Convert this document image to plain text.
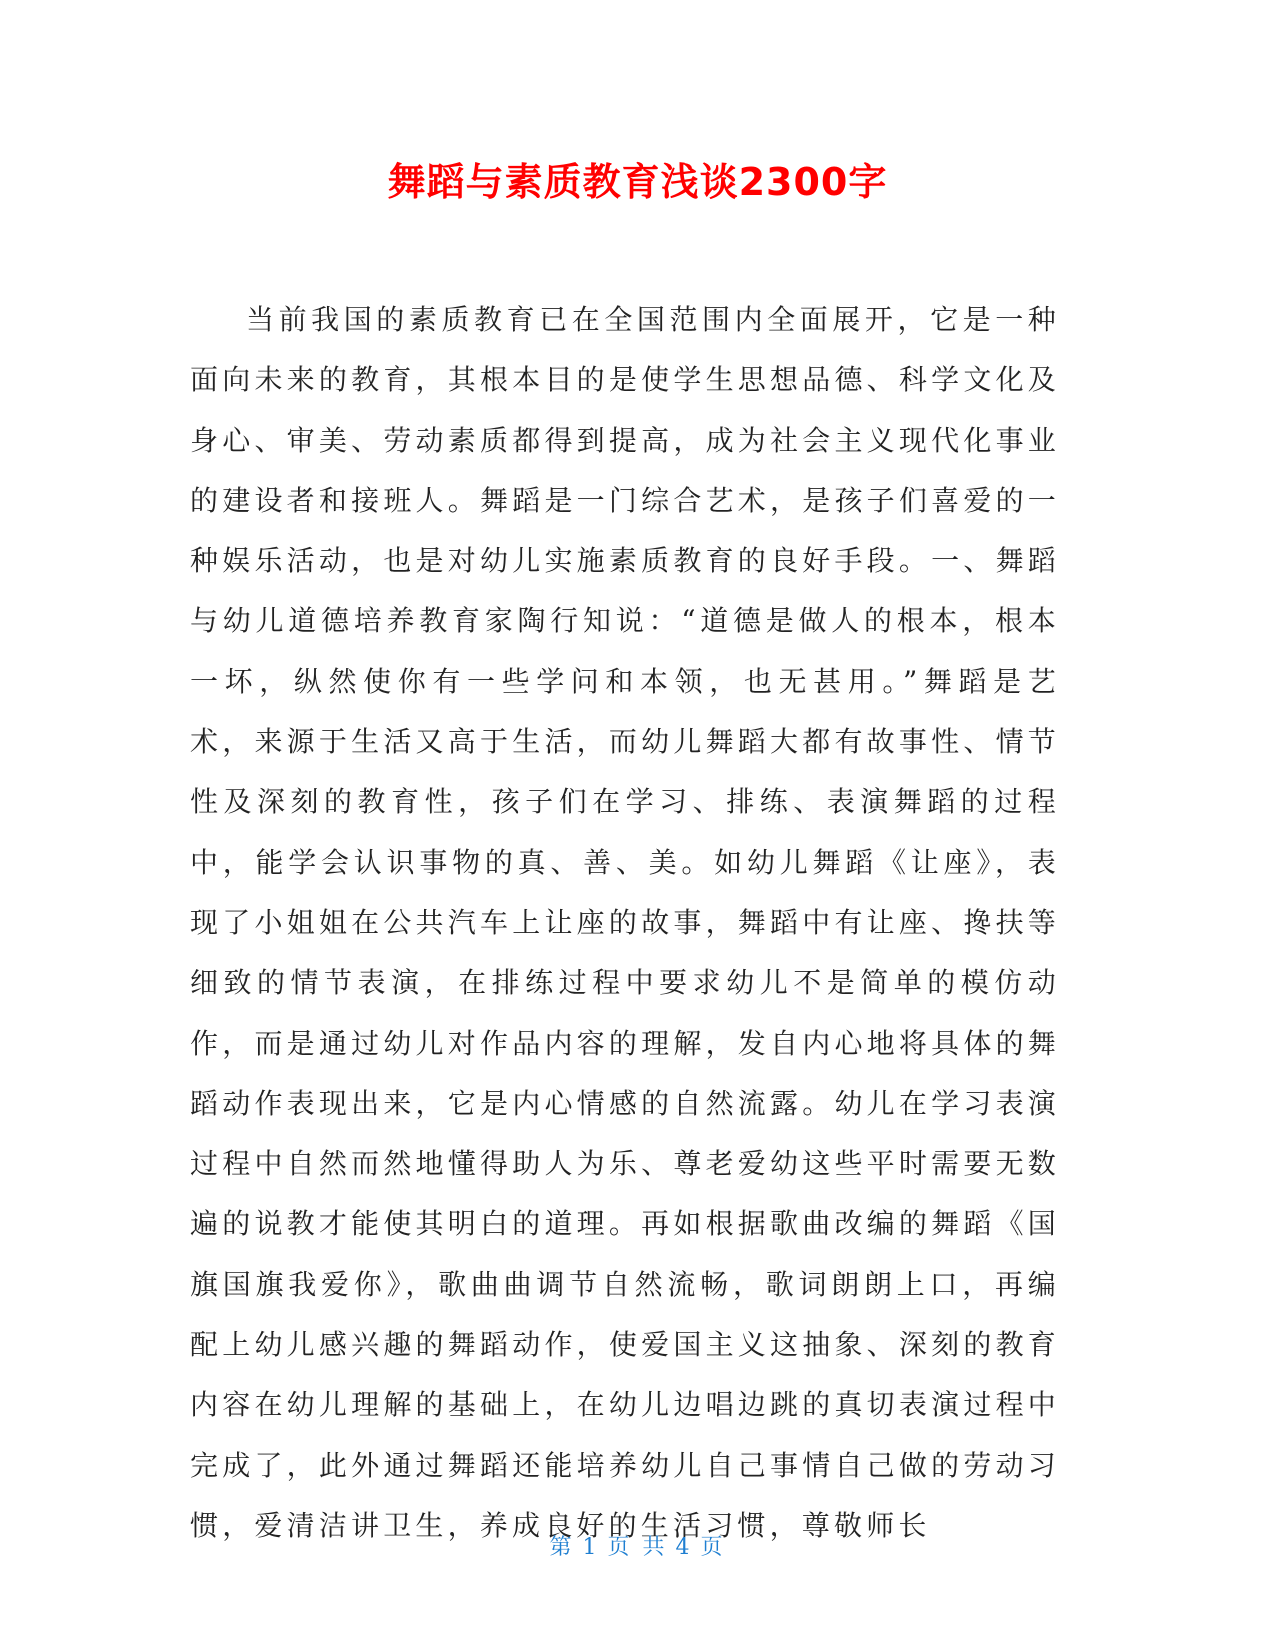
舞蹈与素质教育浅谈2300字

当前我国的素质教育已在全国范围内全面展开，它是一种面向未来的教育，其根本目的是使学生思想品德、科学文化及身心、审美、劳动素质都得到提高，成为社会主义现代化事业的建设者和接班人。舞蹈是一门综合艺术，是孩子们喜爱的一种娱乐活动，也是对幼儿实施素质教育的良好手段。一、舞蹈与幼儿道德培养教育家陶行知说：“道德是做人的根本，根本一坏，纵然使你有一些学问和本领，也无甚用。”舞蹈是艺术，来源于生活又高于生活，而幼儿舞蹈大都有故事性、情节性及深刻的教育性，孩子们在学习、排练、表演舞蹈的过程中，能学会认识事物的真、善、美。如幼儿舞蹈《让座》，表现了小姐姐在公共汽车上让座的故事，舞蹈中有让座、搀扶等细致的情节表演，在排练过程中要求幼儿不是简单的模仿动作，而是通过幼儿对作品内容的理解，发自内心地将具体的舞蹈动作表现出来，它是内心情感的自然流露。幼儿在学习表演过程中自然而然地懂得助人为乐、尊老爱幼这些平时需要无数遍的说教才能使其明白的道理。再如根据歌曲改编的舞蹈《国旗国旗我爱你》，歌曲曲调节自然流畅，歌词朗朗上口，再编配上幼儿感兴趣的舞蹈动作，使爱国主义这抽象、深刻的教育内容在幼儿理解的基础上，在幼儿边唱边跳的真切表演过程中完成了，此外通过舞蹈还能培养幼儿自己事情自己做的劳动习惯，爱清洁讲卫生，养成良好的生活习惯，尊敬师长

第 1 页 共 4 页
